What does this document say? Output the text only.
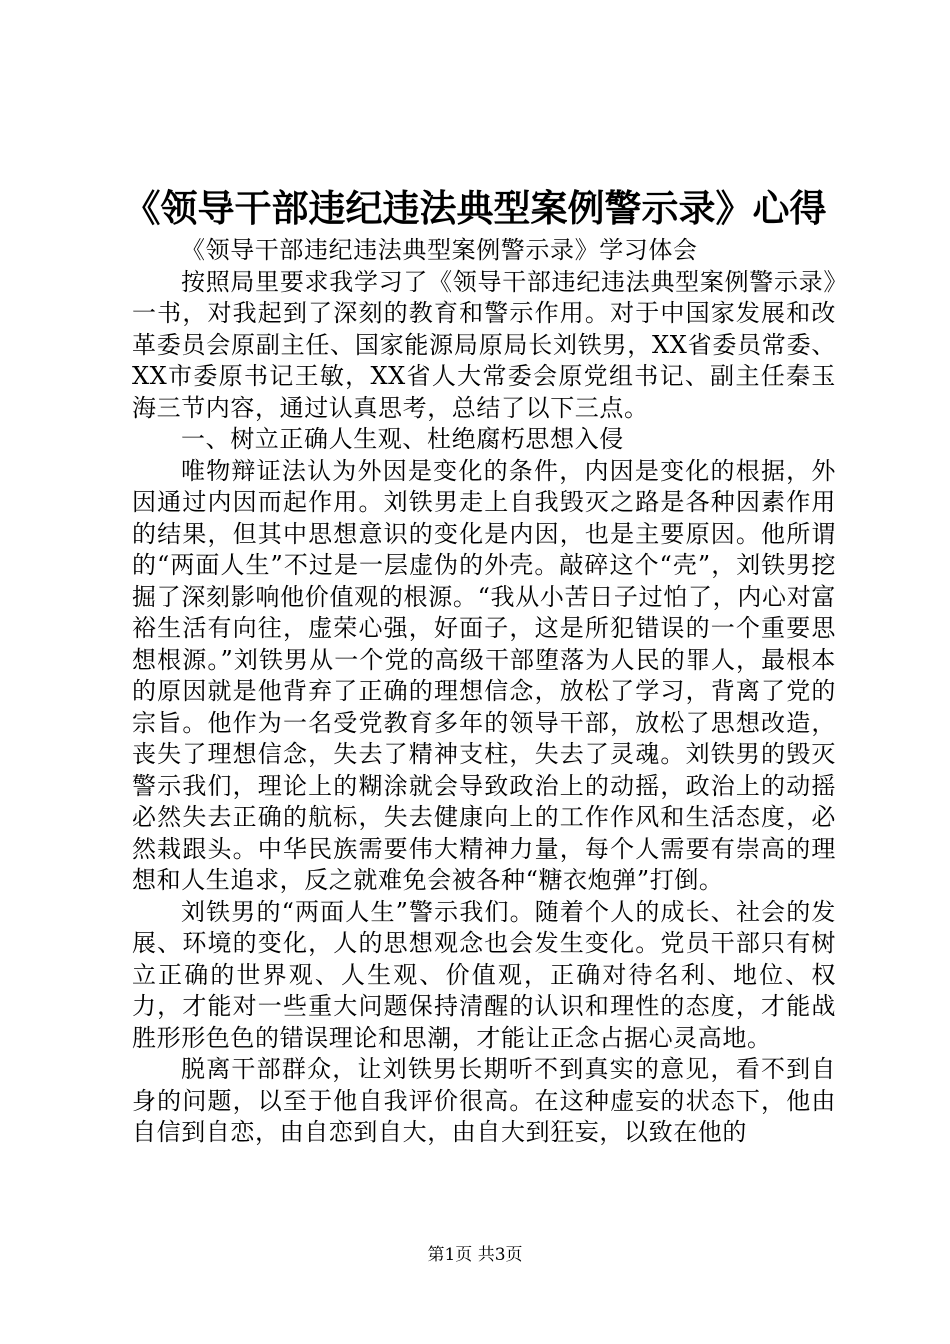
《领导干部违纪违法典型案例警示录》心得

《领导干部违纪违法典型案例警示录》学习体会

按照局里要求我学习了《领导干部违纪违法典型案例警示录》一书，对我起到了深刻的教育和警示作用。对于中国家发展和改革委员会原副主任、国家能源局原局长刘铁男，XX省委员常委、XX市委原书记王敏，XX省人大常委会原党组书记、副主任秦玉海三节内容，通过认真思考，总结了以下三点。

一、树立正确人生观、杜绝腐朽思想入侵

唯物辩证法认为外因是变化的条件，内因是变化的根据，外因通过内因而起作用。刘铁男走上自我毁灭之路是各种因素作用的结果，但其中思想意识的变化是内因，也是主要原因。他所谓的“两面人生”不过是一层虚伪的外壳。敲碎这个“壳”，刘铁男挖掘了深刻影响他价值观的根源。“我从小苦日子过怕了，内心对富裕生活有向往，虚荣心强，好面子，这是所犯错误的一个重要思想根源。”刘铁男从一个党的高级干部堕落为人民的罪人，最根本的原因就是他背弃了正确的理想信念，放松了学习，背离了党的宗旨。他作为一名受党教育多年的领导干部，放松了思想改造，丧失了理想信念，失去了精神支柱，失去了灵魂。刘铁男的毁灭警示我们，理论上的糊涂就会导致政治上的动摇，政治上的动摇必然失去正确的航标，失去健康向上的工作作风和生活态度，必然栽跟头。中华民族需要伟大精神力量，每个人需要有崇高的理想和人生追求，反之就难免会被各种“糖衣炮弹”打倒。

刘铁男的“两面人生”警示我们。随着个人的成长、社会的发展、环境的变化，人的思想观念也会发生变化。党员干部只有树立正确的世界观、人生观、价值观，正确对待名利、地位、权力，才能对一些重大问题保持清醒的认识和理性的态度，才能战胜形形色色的错误理论和思潮，才能让正念占据心灵高地。

脱离干部群众，让刘铁男长期听不到真实的意见，看不到自身的问题，以至于他自我评价很高。在这种虚妄的状态下，他由自信到自恋，由自恋到自大，由自大到狂妄，以致在他的

第1页 共3页
